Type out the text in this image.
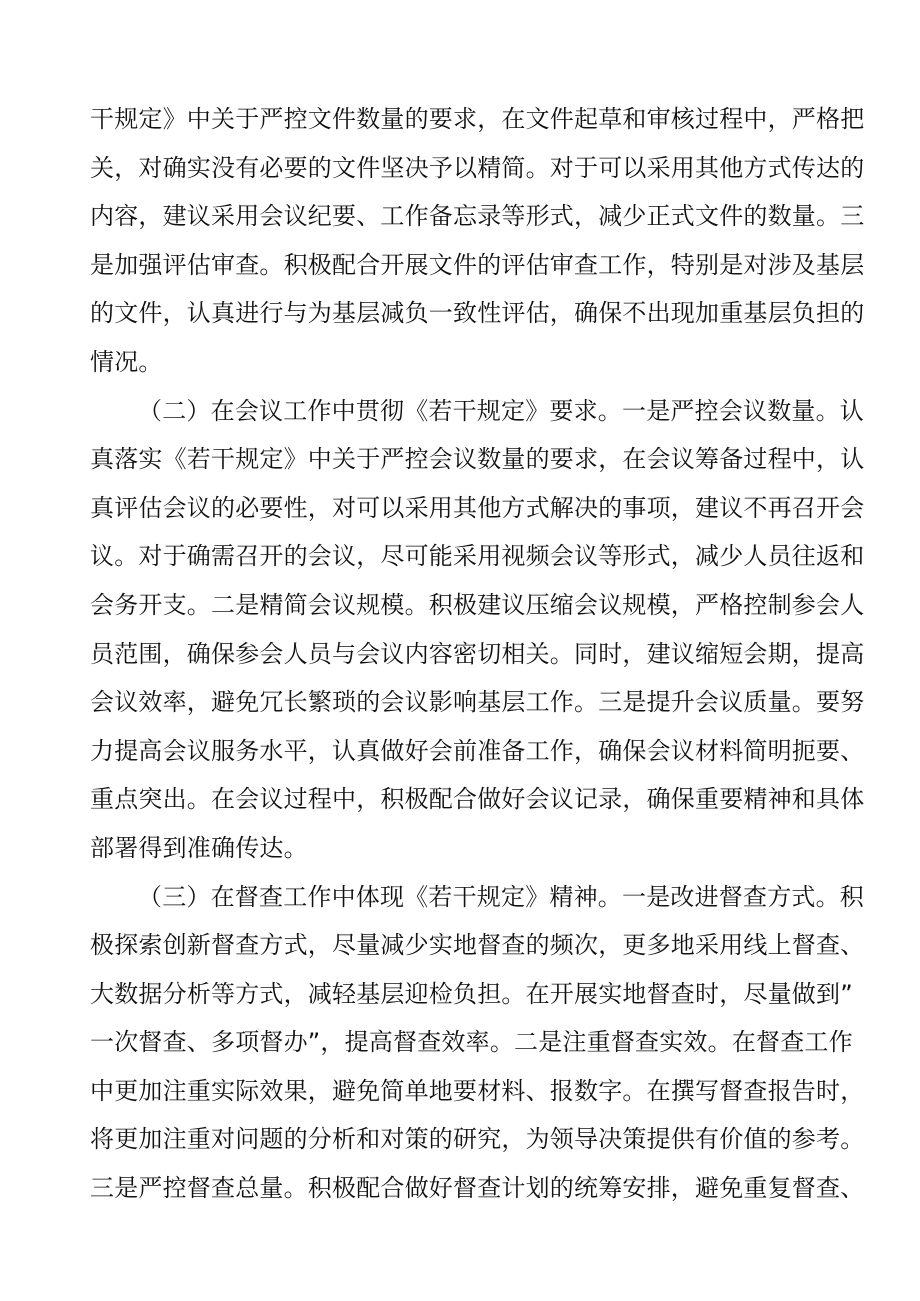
干规定》中关于严控文件数量的要求，在文件起草和审核过程中，严格把
关，对确实没有必要的文件坚决予以精简。对于可以采用其他方式传达的
内容，建议采用会议纪要、工作备忘录等形式，减少正式文件的数量。三
是加强评估审查。积极配合开展文件的评估审查工作，特别是对涉及基层
的文件，认真进行与为基层减负一致性评估，确保不出现加重基层负担的
情况。
（二）在会议工作中贯彻《若干规定》要求。一是严控会议数量。认
真落实《若干规定》中关于严控会议数量的要求，在会议筹备过程中，认
真评估会议的必要性，对可以采用其他方式解决的事项，建议不再召开会
议。对于确需召开的会议，尽可能采用视频会议等形式，减少人员往返和
会务开支。二是精简会议规模。积极建议压缩会议规模，严格控制参会人
员范围，确保参会人员与会议内容密切相关。同时，建议缩短会期，提高
会议效率，避免冗长繁琐的会议影响基层工作。三是提升会议质量。要努
力提高会议服务水平，认真做好会前准备工作，确保会议材料简明扼要、
重点突出。在会议过程中，积极配合做好会议记录，确保重要精神和具体
部署得到准确传达。
（三）在督查工作中体现《若干规定》精神。一是改进督查方式。积
极探索创新督查方式，尽量减少实地督查的频次，更多地采用线上督查、
大数据分析等方式，减轻基层迎检负担。在开展实地督查时，尽量做到”
一次督查、多项督办”，提高督查效率。二是注重督查实效。在督查工作
中更加注重实际效果，避免简单地要材料、报数字。在撰写督查报告时，
将更加注重对问题的分析和对策的研究，为领导决策提供有价值的参考。
三是严控督查总量。积极配合做好督查计划的统筹安排，避免重复督查、
